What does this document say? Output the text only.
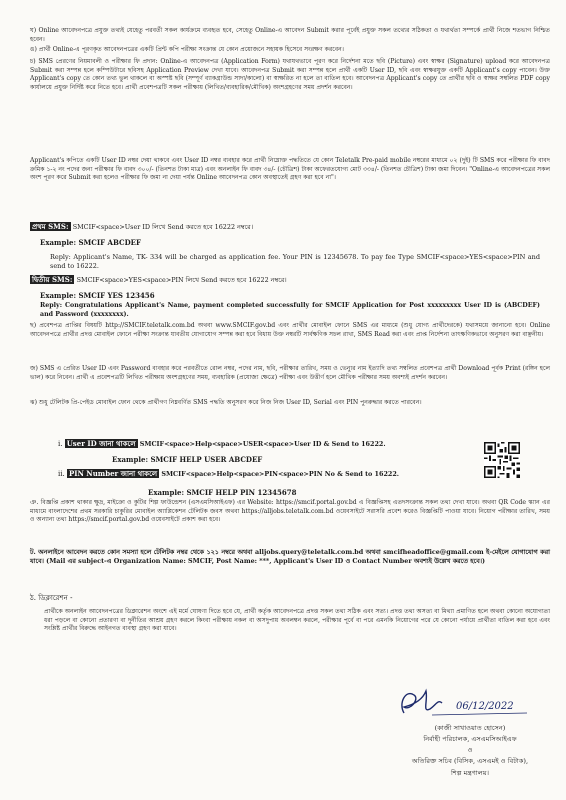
ঘ) Online আবেদনপত্রে প্রযুক্ত তথ্যই যেহেতু পরবর্তী সকল কার্যক্রমে ব্যবহৃত হবে, সেহেতু Online-এ আবেদন Submit করার পূর্বেই প্রযুক্ত সকল তথ্যের সঠিকতা ও যথার্থতা সম্পর্কে প্রার্থী নিজে শতভাগ নিশ্চিত হবেন।
ঙ) প্রার্থী Online-এ পূরণকৃত আবেদনপত্রের একটি প্রিন্ট কপি পরীক্ষা সংক্রান্ত যে কোন প্রয়োজনে সহায়ক হিসেবে সংরক্ষণ করবেন।
চ) SMS প্রেরণের নিয়মাবলী ও পরীক্ষার ফি প্রদান: Online-এ আবেদনপত্র (Application Form) যথাযথভাবে পূরণ করে নির্দেশনা মতে ছবি (Picture) এবং স্বাক্ষর (Signature) upload করে আবেদনপত্র Submit করা সম্পন্ন হলে কম্পিউটারে ছবিসহ Application Preview দেখা যাবে। আবেদনপত্র Submit করা সম্পন্ন হলে প্রার্থী একটি User ID, ছবি এবং স্বাক্ষরযুক্ত একটি Applicant's copy পাবেন। উক্ত Applicant's copy তে কোন তথ্য ভুল থাকলে বা অস্পষ্ট ছবি (সম্পূর্ণ ব্যাকগ্রাউন্ড সাদা/কালো) বা স্বাক্ষরিত না হলে তা বাতিল হবে। আবেদনপত্র Applicant's copy তে প্রার্থীর ছবি ও স্বাক্ষর সম্বলিত PDF copy কার্যালয়ে প্রযুক্ত নির্দিষ্ট করে নিতে হবে। প্রার্থী প্রবেশপত্রটি সকল পরীক্ষায় (লিখিত/ব্যবহারিক/মৌখিক) অংশগ্রহণের সময় প্রদর্শন করবেন।
Applicant's কপিতে একটি User ID নম্বর দেয়া থাকবে এবং User ID নম্বর ব্যবহার করে প্রার্থী নিম্নোক্ত পদ্ধতিতে যে কোন Teletalk Pre-paid mobile নম্বরের মাধ্যমে ০২ (দুই) টি SMS করে পরীক্ষার ফি বাবদ ক্রমিক ১-২ নং পদের জন্য পরীক্ষার ফি বাবদ ৩০০/- (তিনশত টাকা মাত্র) এবং অনলাইন ফি বাবদ ৩৪/- (চৌত্রিশ) টাকা অফেরতযোগ্য মোট ৩৩৪/- (তিনশত চৌত্রিশ) টাকা জমা দিবেন। "Online-এ আবেদনপত্রের সকল অংশ পূরণ করে Submit করা হলেও পরীক্ষার ফি জমা না দেয়া পর্যন্ত Online আবেদনপত্র কোন অবস্থাতেই গ্রহণ করা হবে না"।
প্রথম SMS: SMCIF<space>User ID লিখে Send করতে হবে 16222 নম্বরে।
Example: SMCIF ABCDEF
Reply: Applicant's Name, TK- 334 will be charged as application fee. Your PIN is 12345678. To pay fee Type SMCIF<space>YES<space>PIN and send to 16222.
দ্বিতীয় SMS: SMCIF<space>YES<space>PIN লিখে Send করতে হবে 16222 নম্বরে।
Example: SMCIF YES 123456
Reply: Congratulations Applicant's Name, payment completed successfully for SMCIF Application for Post xxxxxxxxx User ID is (ABCDEF) and Password (xxxxxxxx).
ছ) প্রবেশপত্র প্রাপ্তির বিষয়টি http://SMCIF.teletalk.com.bd অথবা www.SMCIF.gov.bd এবং প্রার্থীর মোবাইল ফোনে SMS এর মাধ্যমে (শুধু যোগ্য প্রার্থীদেরকে) যথাসময়ে জানানো হবে। Online আবেদনপত্রে প্রার্থীর প্রদত্ত মোবাইল ফোনে পরীক্ষা সংক্রান্ত যাবতীয় যোগাযোগ সম্পন্ন করা হবে বিধায় উক্ত নম্বরটি সার্বক্ষণিক সচল রাখা, SMS Read করা এবং প্রাপ্ত নির্দেশনা তাৎক্ষণিকভাবে অনুসরণ করা বাঞ্ছনীয়।
জ) SMS এ প্রেরিত User ID এবং Password ব্যবহার করে পরবর্তীতে রোল নম্বর, পদের নাম, ছবি, পরীক্ষার তারিখ, সময় ও ভেন্যুর নাম ইত্যাদি তথ্য সম্বলিত প্রবেশপত্র প্রার্থী Download পূর্বক Print (রঙ্গিন হলে ভাল) করে নিবেন। প্রার্থী এ প্রবেশপত্রটি লিখিত পরীক্ষায় অংশগ্রহণের সময়, ব্যবহারিক (প্রযোজ্য ক্ষেত্রে) পরীক্ষা এবং উত্তীর্ণ হলে মৌখিক পরীক্ষার সময় অবশ্যই প্রদর্শন করবেন।
ঝ) শুধু টেলিটক প্রি-পেইড মোবাইল ফোন থেকে প্রার্থীগণ নিম্নবর্ণিত SMS পদ্ধতি অনুসরণ করে নিজ নিজ User ID, Serial এবং PIN পুনরুদ্ধার করতে পারবেন।
i. User ID জানা থাকলে SMCIF<space>Help<space>USER<space>User ID & Send to 16222.
Example: SMCIF HELP USER ABCDEF
ii. PIN Number জানা থাকলে SMCIF<space>Help<space>PIN<space>PIN No & Send to 16222.
Example: SMCIF HELP PIN 12345678
ঞ. বিজ্ঞপ্তি প্রকাশ থাকার ক্ষুদ্র, মাইক্রো ও কুটির শিল্প ফাউন্ডেশন (এসএমসিআইএফ) এর Website: https://smcif.portal.gov.bd এ বিজ্ঞপ্তিসহ এতদসংক্রান্ত সকল তথ্য দেখা যাবে। অথবা QR Code স্ক্যান এর মাধ্যমে বাংলাদেশের প্রথম সরকারি চাকুরির মোবাইল অ্যাপ্লিকেশন টেলিটক জবস অথবা https://alljobs.teletalk.com.bd ওয়েবসাইটে সরাসরি প্রবেশ করেও বিজ্ঞপ্তিটি পাওয়া যাবে। নিয়োগ পরীক্ষার তারিখ, সময় ও অন্যান্য তথ্য https://smcif.portal.gov.bd ওয়েবসাইটে প্রকাশ করা হবে।
ট. অনলাইনে আবেদন করতে কোন সমস্যা হলে টেলিটক নম্বর থেকে ১২১ নম্বরে অথবা alljobs.query@teletalk.com.bd অথবা smcifheadoffice@gmail.com ই-মেইলে যোগাযোগ করা যাবে। (Mail এর subject-এ Organization Name: SMCIF, Post Name: ***, Applicant's User ID ও Contact Number অবশ্যই উল্লেখ করতে হবে।)
ঠ. ডিক্লারেশন -
প্রার্থীকে অনলাইন আবেদনপত্রের ডিক্লারেশন অংশে এই মর্মে ঘোষণা দিতে হবে যে, প্রার্থী কর্তৃক আবেদনপত্রে প্রদত্ত সকল তথ্য সঠিক এবং সত্য। প্রদত্ত তথ্য অসত্য বা মিথ্যা প্রমাণিত হলে অথবা কোনো অযোগ্যতা ধরা পড়লে বা কোনো প্রতারণা বা দুর্নীতির আশ্রয় গ্রহণ করলে কিংবা পরীক্ষায় নকল বা অসদুপায় অবলম্বন করলে, পরীক্ষার পূর্বে বা পরে এমনকি নিয়োগের পরে যে কোনো পর্যায়ে প্রার্থীতা বাতিল করা হবে এবং সংশ্লিষ্ট প্রার্থীর বিরুদ্ধে আইনগত ব্যবস্থা গ্রহণ করা যাবে।
06/12/2022
(কাজী সাখাওয়াত হোসেন)
নির্বাহী পরিচালক, এসএমসিআইএফ
ও
অতিরিক্ত সচিব (বিসিক, এসএমই ও বিটাক),
শিল্প মন্ত্রণালয়।
